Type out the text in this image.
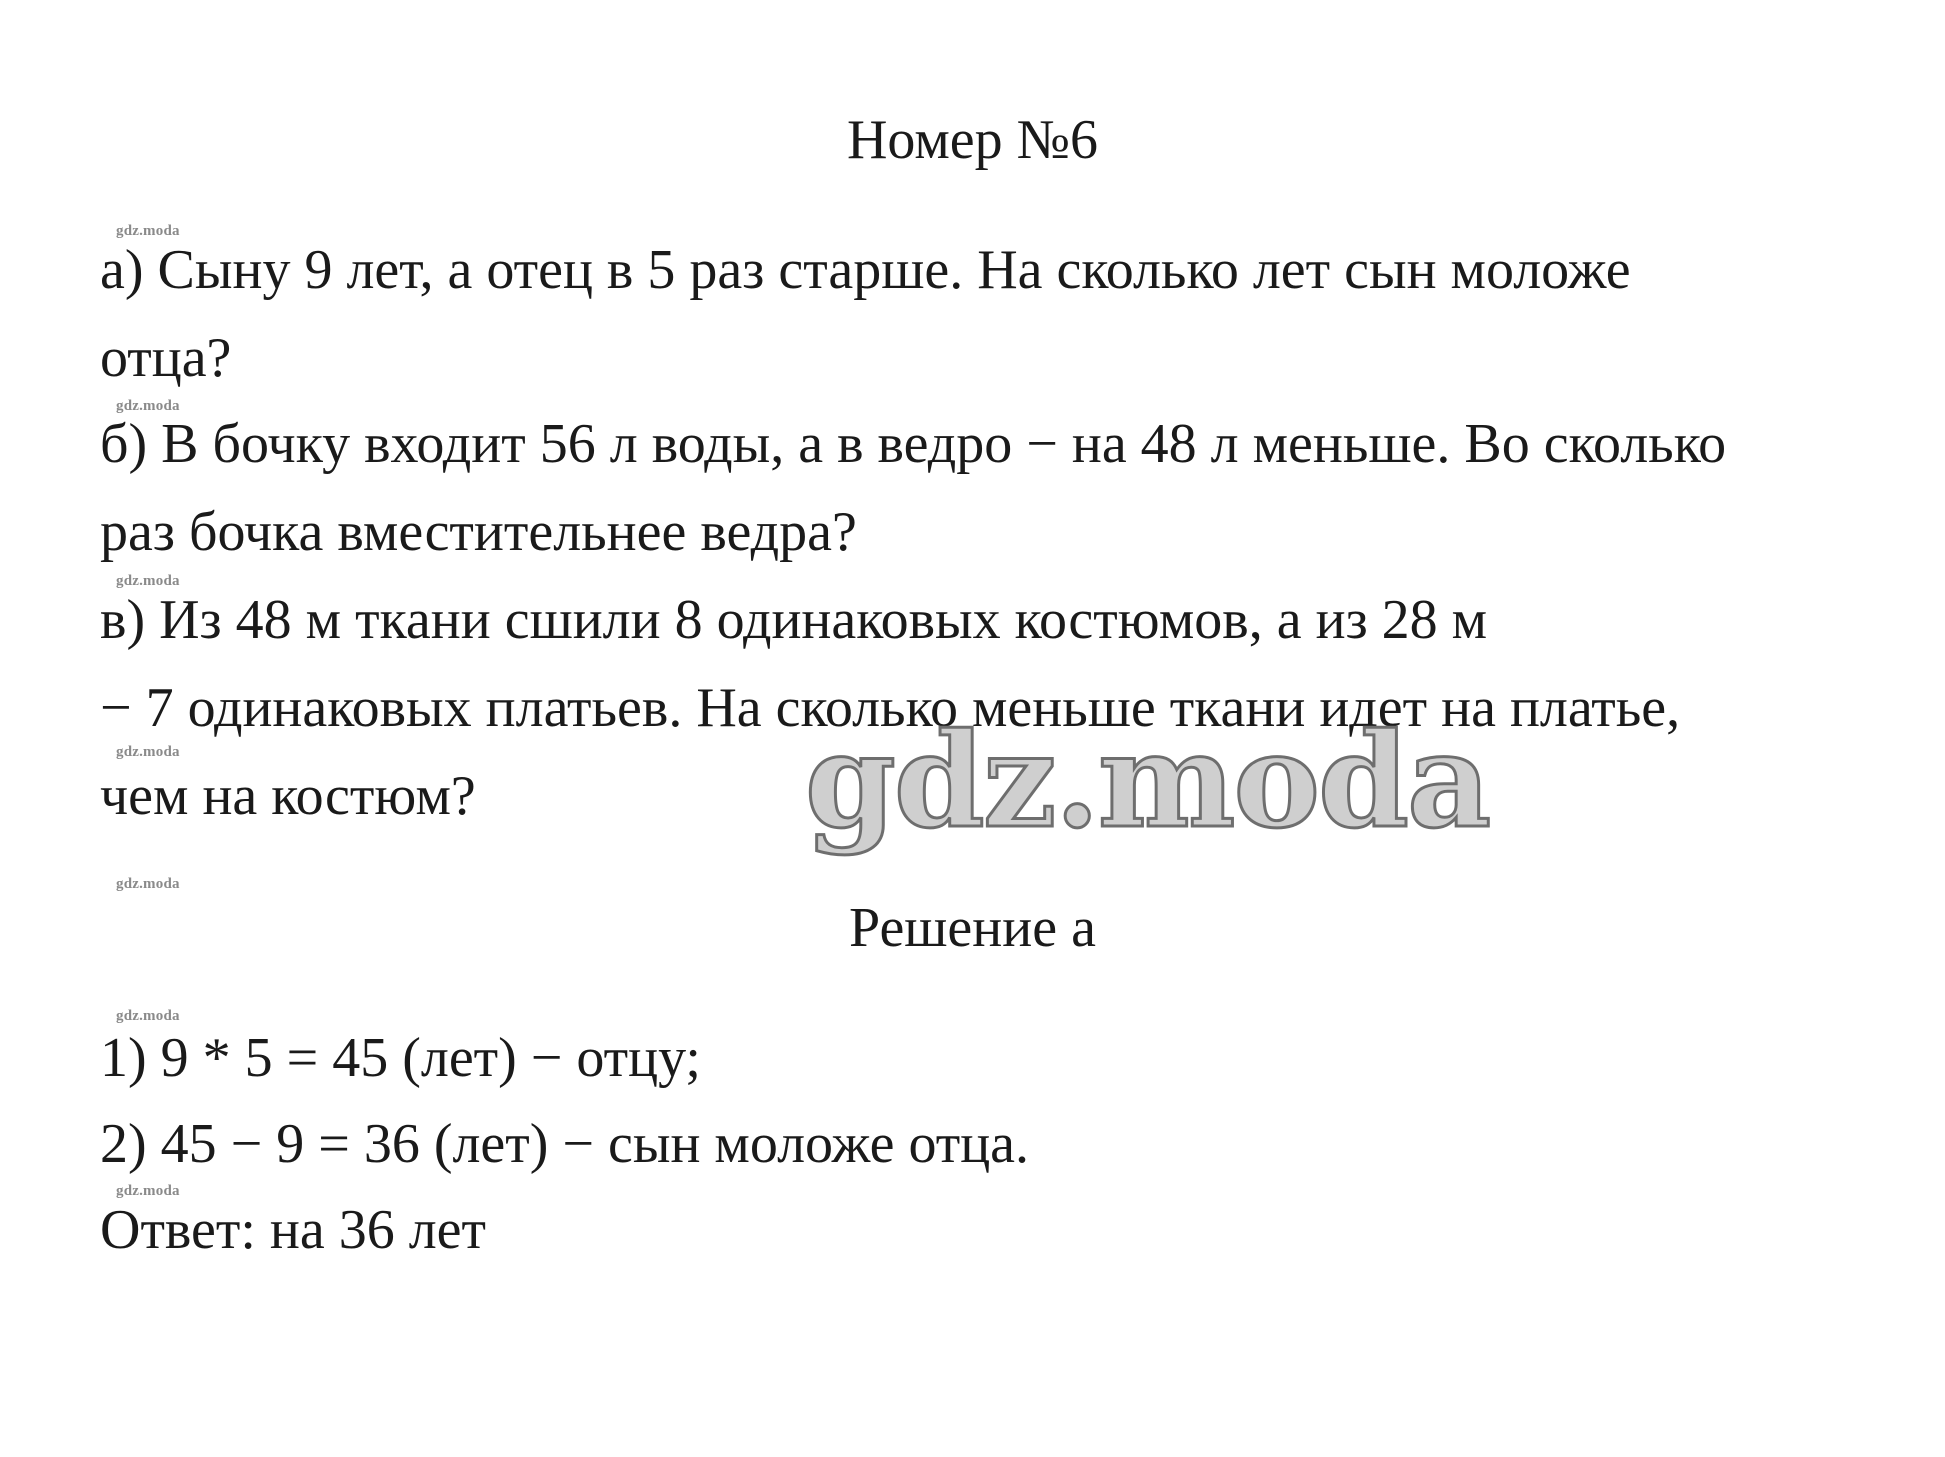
Номер №6
gdz.moda
а) Сыну 9 лет, а отец в 5 раз старше. На сколько лет сын моложе
отца?
gdz.moda
б) В бочку входит 56 л воды, а в ведро − на 48 л меньше. Во сколько
раз бочка вместительнее ведра?
gdz.moda
в) Из 48 м ткани сшили 8 одинаковых костюмов, а из 28 м
− 7 одинаковых платьев. На сколько меньше ткани идет на платье,
gdz.moda
чем на костюм?	gdz.moda
gdz.moda
Решение а
gdz.moda
1) 9 * 5 = 45 (лет) − отцу;
2) 45 − 9 = 36 (лет) − сын моложе отца.
gdz.moda
Ответ: на 36 лет
